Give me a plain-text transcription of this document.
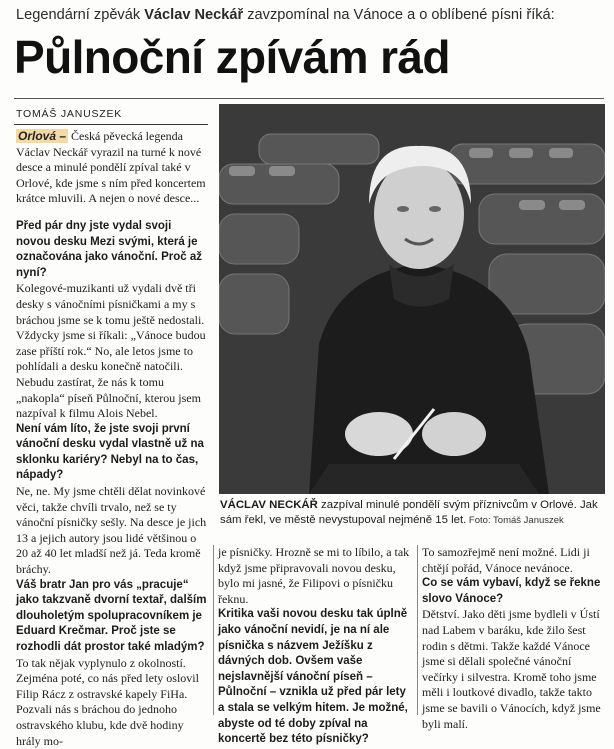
Legendární zpěvák Václav Neckář zavzpomínal na Vánoce a o oblíbené písni říká:
Půlnoční zpívám rád
TOMÁŠ JANUSZEK

Orlová – Česká pěvecká legenda Václav Neckář vyrazil na turné k nové desce a minulé pondělí zpíval také v Orlové, kde jsme s ním před koncertem krátce mluvili. A nejen o nové desce...

Před pár dny jste vydal svoji novou desku Mezi svými, která je označována jako vánoční. Proč až nyní?

Kolegové-muzikanti už vydali dvě tři desky s vánočními písničkami a my s bráchou jsme se k tomu ještě nedostali. Vždycky jsme si říkali: „Vánoce budou zase příští rok.“ No, ale letos jsme to pohlídali a desku konečně natočili. Nebudu zastírat, že nás k tomu „nakopla“ píseň Půlnoční, kterou jsem nazpíval k filmu Alois Nebel.

Není vám líto, že jste svoji první vánoční desku vydal vlastně už na sklonku kariéry? Nebyl na to čas, nápady?

Ne, ne. My jsme chtěli dělat novinkové věci, takže chvíli trvalo, než se ty vánoční písničky sešly. Na desce je jich 13 a jejich autory jsou lidé většinou o 20 až 40 let mladší než já. Teda kromě bráchy.

Váš bratr Jan pro vás „pracuje“ jako takzvaně dvorní textař, dalším dlouholetým spolupracovníkem je Eduard Krečmar. Proč jste se rozhodli dát prostor také mladým?

To tak nějak vyplynulo z okolností. Zejména poté, co nás před lety oslovil Filip Rácz z ostravské kapely FiHa. Pozvali nás s bráchou do jednoho ostravského klubu, kde dvě hodiny hrály mo-

VÁCLAV NECKÁŘ zazpíval minulé pondělí svým příznivcům v Orlové. Jak sám řekl, ve městě nevystupoval nejméně 15 let. Foto: Tomáš Januszek

je písničky. Hrozně se mi to líbilo, a tak když jsme připravovali novou desku, bylo mi jasné, že Filipovi o písničku řeknu.

Kritika vaši novou desku tak úplně jako vánoční nevidí, je na ní ale písnička s názvem Ježíšku z dávných dob. Ovšem vaše nejslavnější vánoční píseň – Půlnoční – vznikla už před pár lety a stala se velkým hitem. Je možné, abyste od té doby zpíval na koncertě bez této písničky?

To samozřejmě není možné. Lidi ji chtějí pořád, Vánoce nevánoce.

Co se vám vybaví, když se řekne slovo Vánoce?

Dětství. Jako děti jsme bydleli v Ústí nad Labem v baráku, kde žilo šest rodin s dětmi. Takže každé Vánoce jsme si dělali společné vánoční večírky i silvestra. Kromě toho jsme měli i loutkové divadlo, takže takto jsme se bavili o Vánocích, když jsme byli malí.
